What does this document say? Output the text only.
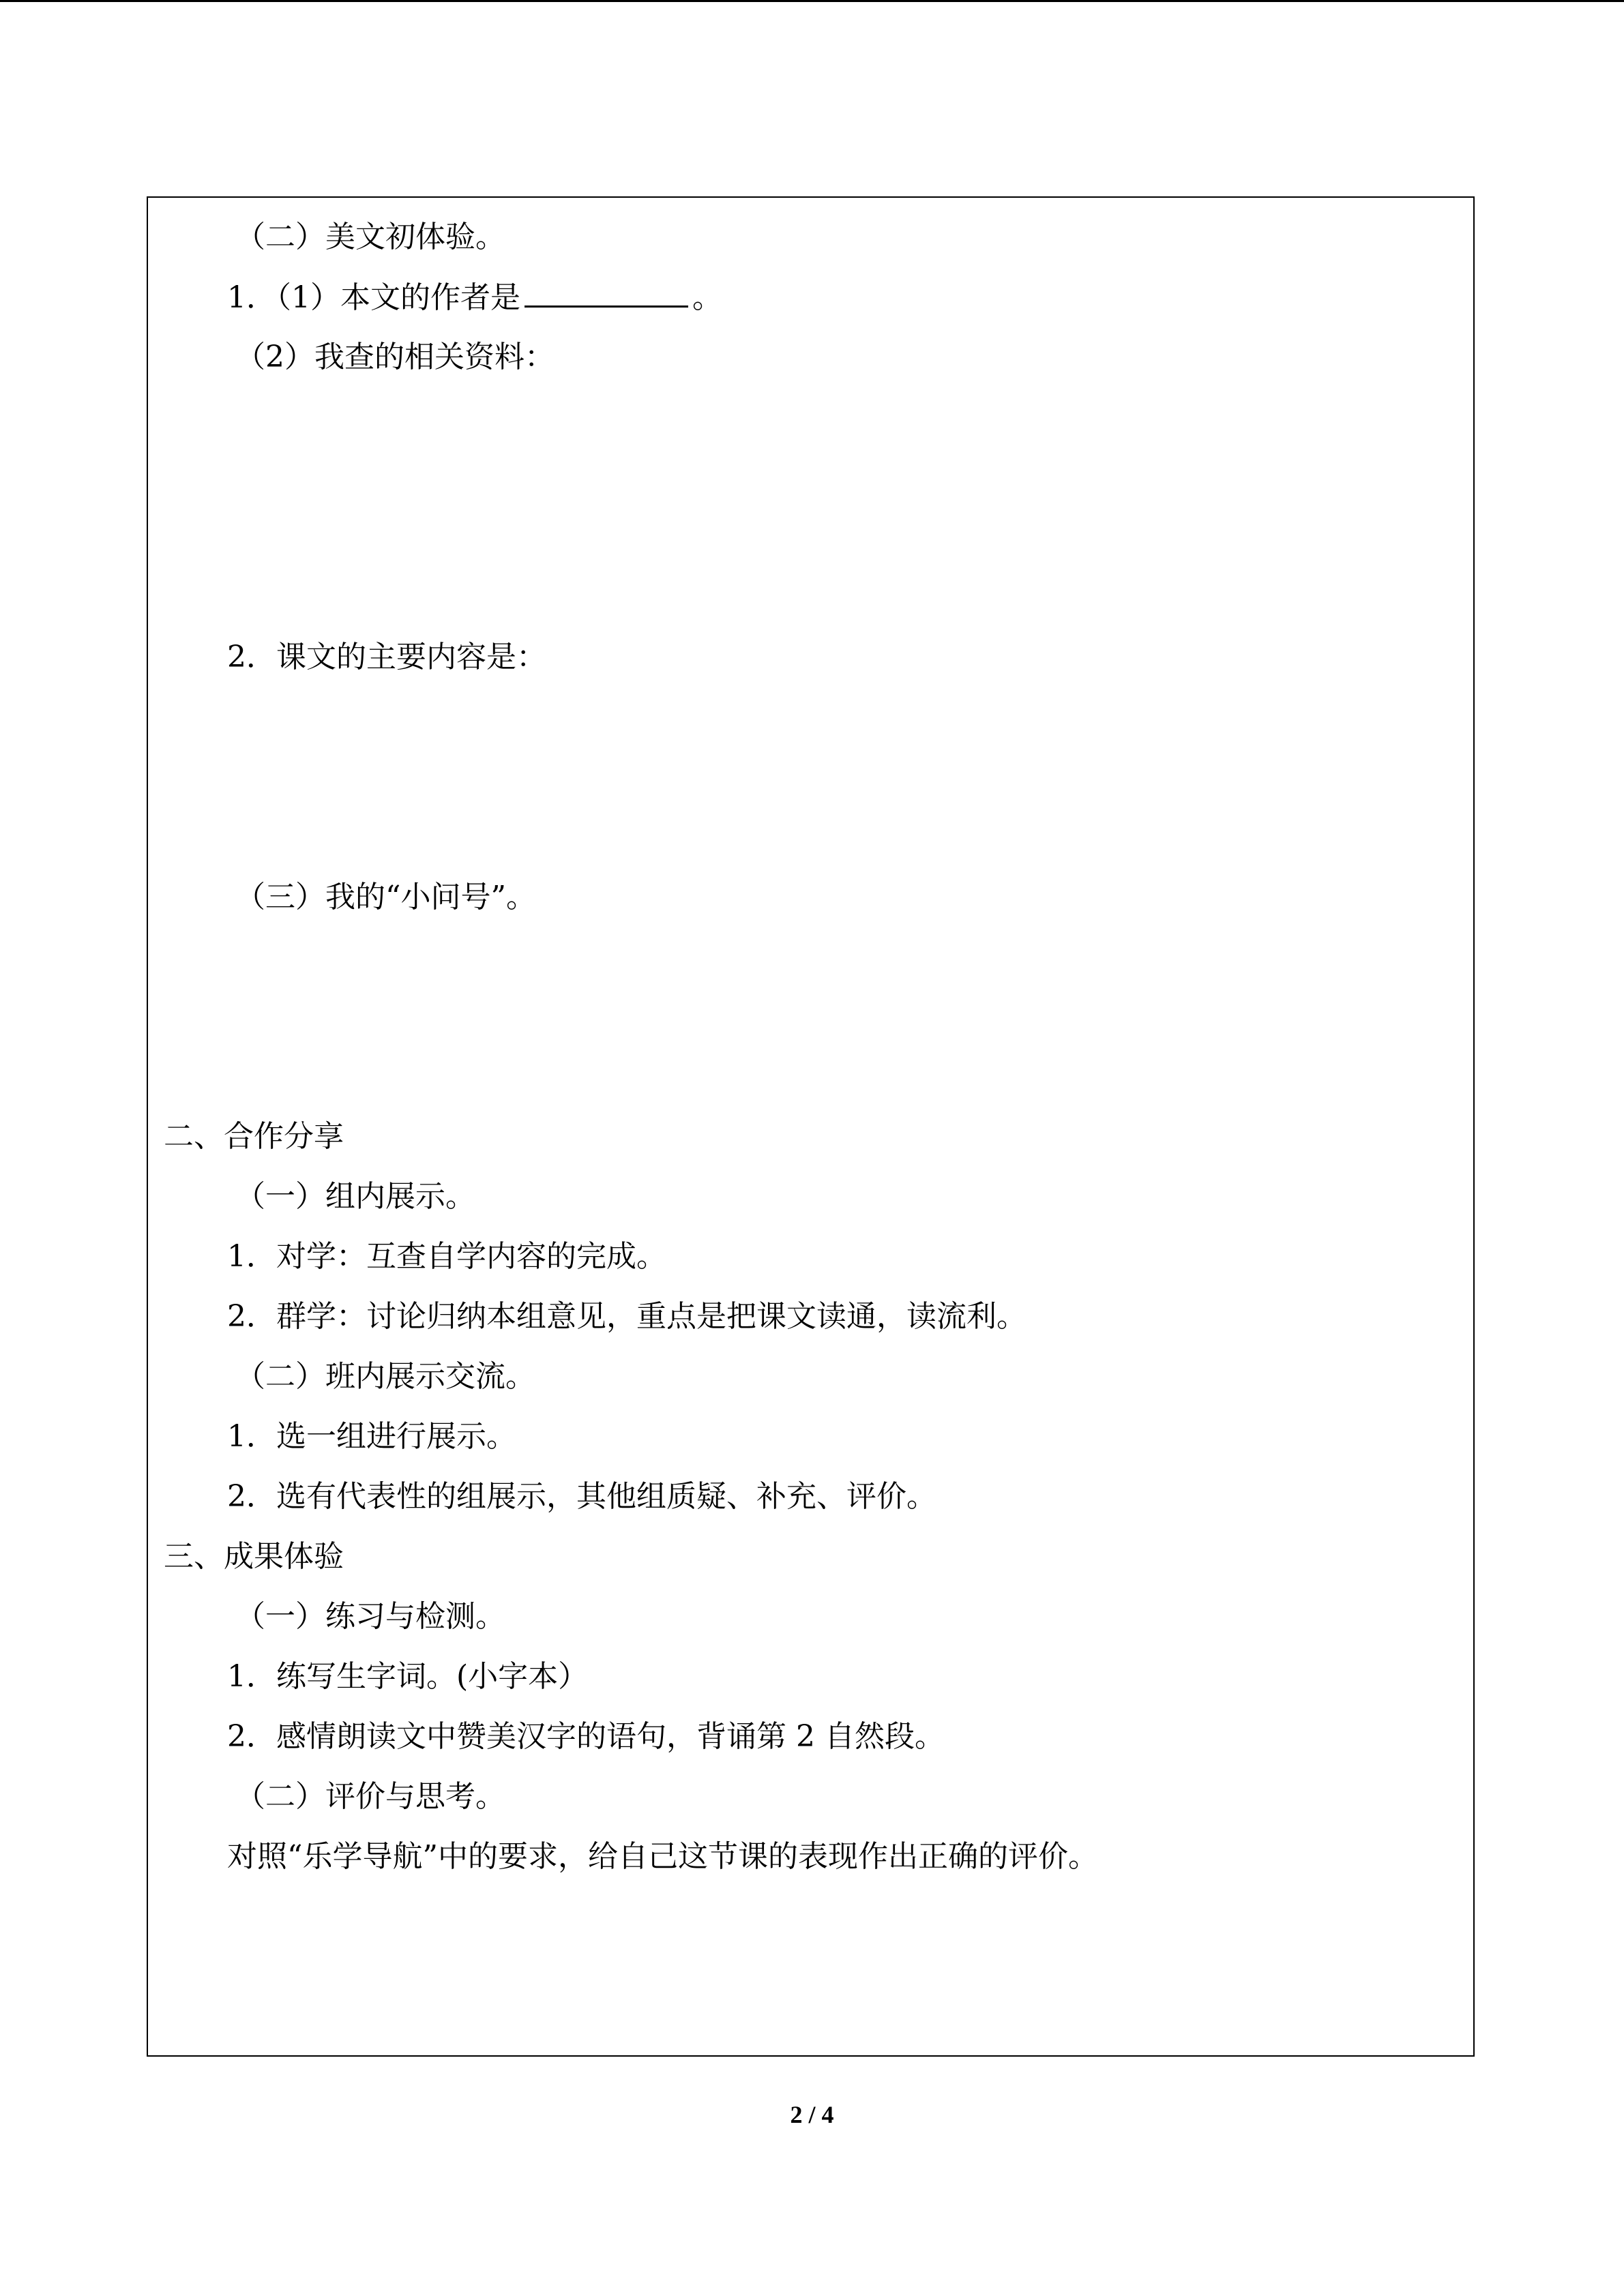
（二）美文初体验。
1．（1）本文的作者是	。
（2）我查的相关资料：
2．课文的主要内容是：
（三）我的“小问号”。
二、合作分享
（一）组内展示。
1．对学：互查自学内容的完成。
2．群学：讨论归纳本组意见，重点是把课文读通，读流利。
（二）班内展示交流。
1．选一组进行展示。
2．选有代表性的组展示，其他组质疑、补充、评价。
三、成果体验
（一）练习与检测。
1．练写生字词。(小字本）
2．感情朗读文中赞美汉字的语句，背诵第 2 自然段。
（二）评价与思考。
对照“乐学导航”中的要求，给自己这节课的表现作出正确的评价。
2 / 4
